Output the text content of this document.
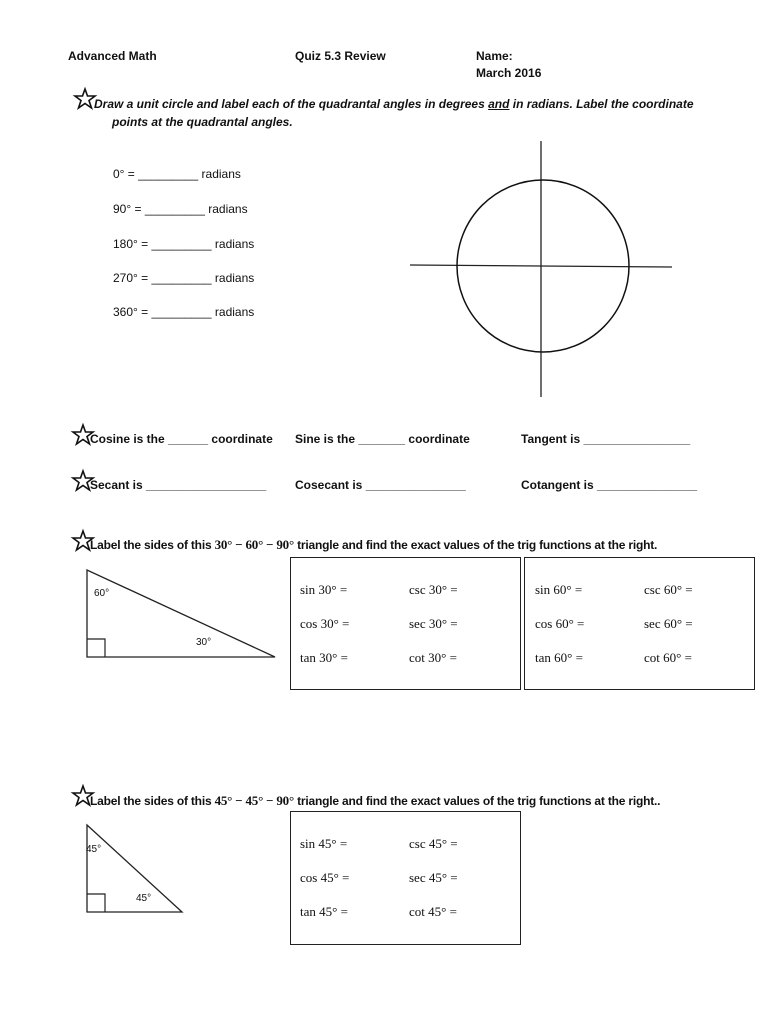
Advanced Math	Quiz 5.3 Review	Name:
March 2016
Draw a unit circle and label each of the quadrantal angles in degrees and in radians. Label the coordinate
points at the quadrantal angles.
0° = _________ radians
90° = _________ radians
180° = _________ radians
270° = _________ radians
360° = _________ radians
Cosine is the ______ coordinate Sine is the _______ coordinate	Tangent is ________________
Secant is __________________ Cosecant is _______________	Cotangent is _______________
Label the sides of this 30° − 60° − 90° triangle and find the exact values of the trig functions at the right.
60°
30°
sin 30° =	csc 30° =
cos 30° =	sec 30° =
tan 30° =	cot 30° =
sin 60° =	csc 60° =
cos 60° =	sec 60° =
tan 60° =	cot 60° =
Label the sides of this 45° − 45° − 90° triangle and find the exact values of the trig functions at the right..
45°
45°
sin 45° =	csc 45° =
cos 45° =	sec 45° =
tan 45° =	cot 45° =
